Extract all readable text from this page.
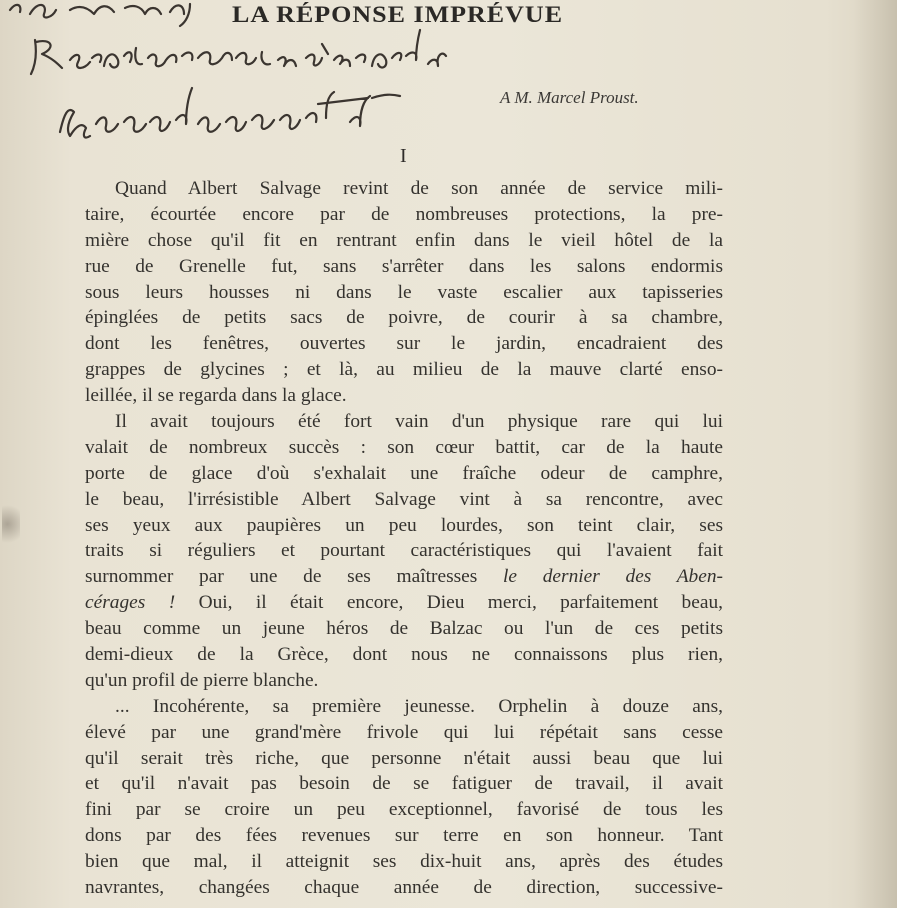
LA RÉPONSE IMPRÉVUE
A M. Marcel Proust.
I
Quand Albert Salvage revint de son année de service mili-
taire, écourtée encore par de nombreuses protections, la pre-
mière chose qu'il fit en rentrant enfin dans le vieil hôtel de la
rue de Grenelle fut, sans s'arrêter dans les salons endormis
sous leurs housses ni dans le vaste escalier aux tapisseries
épinglées de petits sacs de poivre, de courir à sa chambre,
dont les fenêtres, ouvertes sur le jardin, encadraient des
grappes de glycines ; et là, au milieu de la mauve clarté enso-
leillée, il se regarda dans la glace.
Il avait toujours été fort vain d'un physique rare qui lui
valait de nombreux succès : son cœur battit, car de la haute
porte de glace d'où s'exhalait une fraîche odeur de camphre,
le beau, l'irrésistible Albert Salvage vint à sa rencontre, avec
ses yeux aux paupières un peu lourdes, son teint clair, ses
traits si réguliers et pourtant caractéristiques qui l'avaient fait
surnommer par une de ses maîtresses le dernier des Aben-
cérages ! Oui, il était encore, Dieu merci, parfaitement beau,
beau comme un jeune héros de Balzac ou l'un de ces petits
demi-dieux de la Grèce, dont nous ne connaissons plus rien,
qu'un profil de pierre blanche.
... Incohérente, sa première jeunesse. Orphelin à douze ans,
élevé par une grand'mère frivole qui lui répétait sans cesse
qu'il serait très riche, que personne n'était aussi beau que lui
et qu'il n'avait pas besoin de se fatiguer de travail, il avait
fini par se croire un peu exceptionnel, favorisé de tous les
dons par des fées revenues sur terre en son honneur. Tant
bien que mal, il atteignit ses dix-huit ans, après des études
navrantes, changées chaque année de direction, successive-
